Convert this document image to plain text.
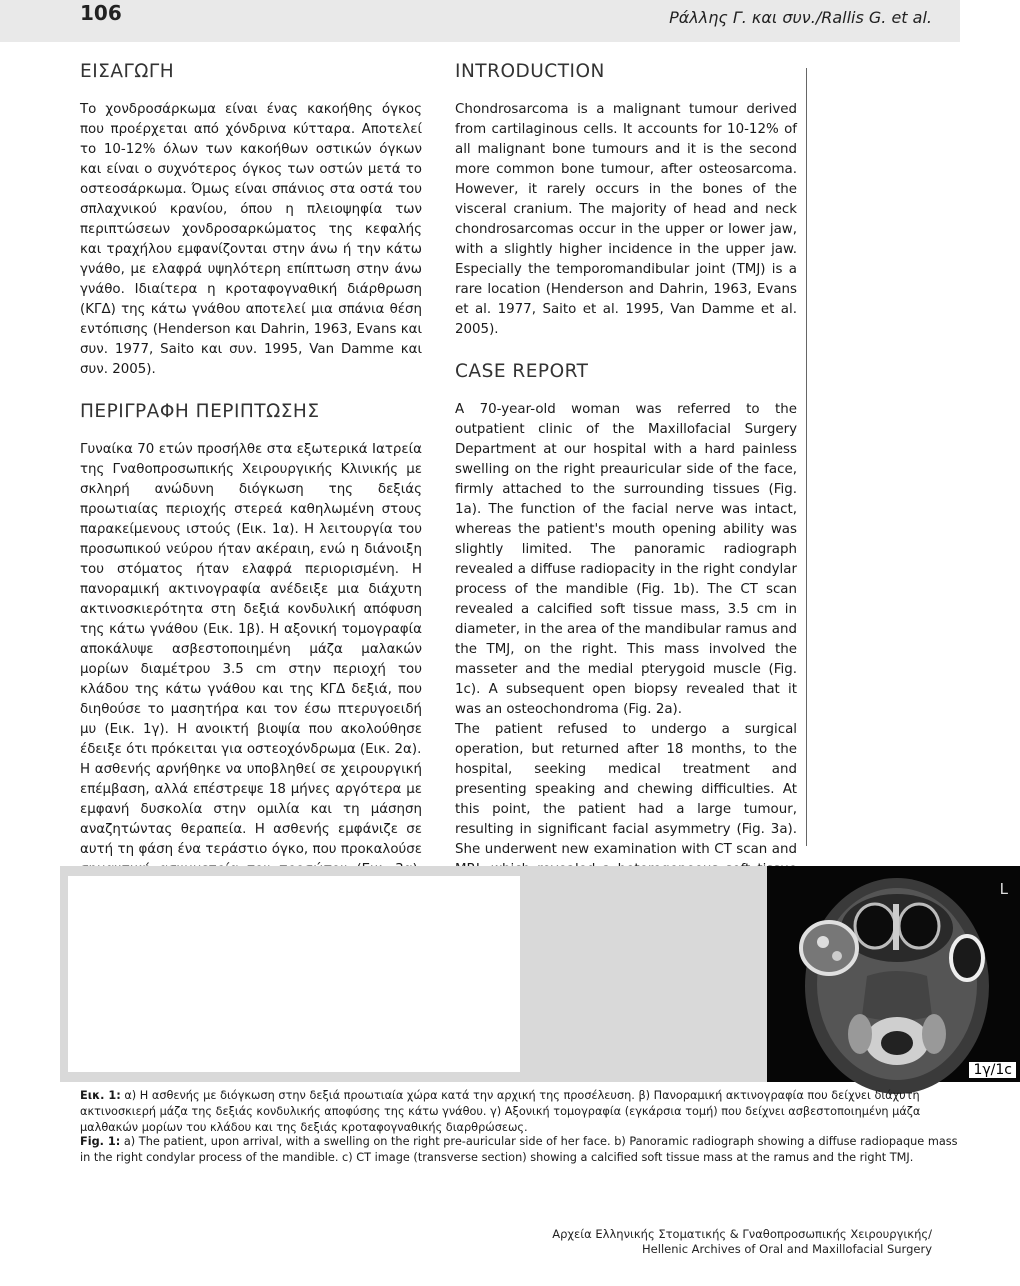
106	Ράλλης Γ. και συν./Rallis G. et al.
ΕΙΣΑΓΩΓΗ

Το χονδροσάρκωμα είναι ένας κακοήθης όγκος που προέρχεται από χόνδρινα κύτταρα. Αποτελεί το 10-12% όλων των κακοήθων οστικών όγκων και είναι ο συχνότερος όγκος των οστών μετά το οστεοσάρκωμα. Όμως είναι σπάνιος στα οστά του σπλαχνικού κρανίου, όπου η πλειοψηφία των περιπτώσεων χονδροσαρκώματος της κεφαλής και τραχήλου εμφανίζονται στην άνω ή την κάτω γνάθο, με ελαφρά υψηλότερη επίπτωση στην άνω γνάθο. Ιδιαίτερα η κροταφογναθική διάρθρωση (ΚΓΔ) της κάτω γνάθου αποτελεί μια σπάνια θέση εντόπισης (Henderson και Dahrin, 1963, Evans και συν. 1977, Saito και συν. 1995, Van Damme και συν. 2005).

ΠΕΡΙΓΡΑΦΗ ΠΕΡΙΠΤΩΣΗΣ

Γυναίκα 70 ετών προσήλθε στα εξωτερικά Ιατρεία της Γναθοπροσωπικής Χειρουργικής Κλινικής με σκληρή ανώδυνη διόγκωση της δεξιάς προωτιαίας περιοχής στερεά καθηλωμένη στους παρακείμενους ιστούς (Εικ. 1α). Η λειτουργία του προσωπικού νεύρου ήταν ακέραιη, ενώ η διάνοιξη του στόματος ήταν ελαφρά περιορισμένη. Η πανοραμική ακτινογραφία ανέδειξε μια διάχυτη ακτινοσκιερότητα στη δεξιά κονδυλική απόφυση της κάτω γνάθου (Εικ. 1β). Η αξονική τομογραφία αποκάλυψε ασβεστοποιημένη μάζα μαλακών μορίων διαμέτρου 3.5 cm στην περιοχή του κλάδου της κάτω γνάθου και της ΚΓΔ δεξιά, που διηθούσε το μασητήρα και τον έσω πτερυγοειδή μυ (Εικ. 1γ). Η ανοικτή βιοψία που ακολούθησε έδειξε ότι πρόκειται για οστεοχόνδρωμα (Εικ. 2α).

Η ασθενής αρνήθηκε να υποβληθεί σε χειρουργική επέμβαση, αλλά επέστρεψε 18 μήνες αργότερα με εμφανή δυσκολία στην ομιλία και τη μάσηση αναζητώντας θεραπεία. Η ασθενής εμφάνιζε σε αυτή τη φάση ένα τεράστιο όγκο, που προκαλούσε

INTRODUCTION

Chondrosarcoma is a malignant tumour derived from cartilaginous cells. It accounts for 10-12% of all malignant bone tumours and it is the second more common bone tumour, after osteosarcoma. However, it rarely occurs in the bones of the visceral cranium. The majority of head and neck chondrosarcomas occur in the upper or lower jaw, with a slightly higher incidence in the upper jaw. Especially the temporomandibular joint (TMJ) is a rare location (Henderson and Dahrin, 1963, Evans et al. 1977, Saito et al. 1995, Van Damme et al. 2005).

CASE REPORT

A 70-year-old woman was referred to the outpatient clinic of the Maxillofacial Surgery Department at our hospital with a hard painless swelling on the right preauricular side of the face, firmly attached to the surrounding tissues (Fig. 1a). The function of the facial nerve was intact, whereas the patient's mouth opening ability was slightly limited. The panoramic radiograph revealed a diffuse radiopacity in the right condylar process of the mandible (Fig. 1b). The CT scan revealed a calcified soft tissue mass, 3.5 cm in diameter, in the area of the mandibular ramus and the TMJ, on the right. This mass involved the masseter and the medial pterygoid muscle (Fig. 1c). A subsequent open biopsy revealed that it was an osteochondroma (Fig. 2a).

The patient refused to undergo a surgical operation, but returned after 18 months, to the hospital, seeking medical treatment and presenting speaking and chewing difficulties. At this point, the patient had a large tumour, resulting in significant facial asymmetry (Fig. 3a). She underwent new examination with CT scan and

L
1γ/1c
Εικ. 1: α) Η ασθενής με διόγκωση στην δεξιά προωτιαία χώρα κατά την αρχική της προσέλευση. β) Πανοραμική ακτινογραφία που δείχνει διάχυτη ακτινοσκιερή μάζα της δεξιάς κονδυλικής αποφύσης της κάτω γνάθου. γ) Αξονική τομογραφία (εγκάρσια τομή) που δείχνει ασβεστοποιημένη μάζα μαλθακών μορίων του κλάδου και της δεξιάς κροταφογναθικής διαρθρώσεως.
Fig. 1: a) The patient, upon arrival, with a swelling on the right pre-auricular side of her face. b) Panoramic radiograph showing a diffuse radiopaque mass in the right condylar process of the mandible. c) CT image (transverse section) showing a calcified soft tissue mass at the ramus and the right TMJ.
Αρχεία Ελληνικής Στοματικής & Γναθοπροσωπικής Χειρουργικής/
Hellenic Archives of Oral and Maxillofacial Surgery
